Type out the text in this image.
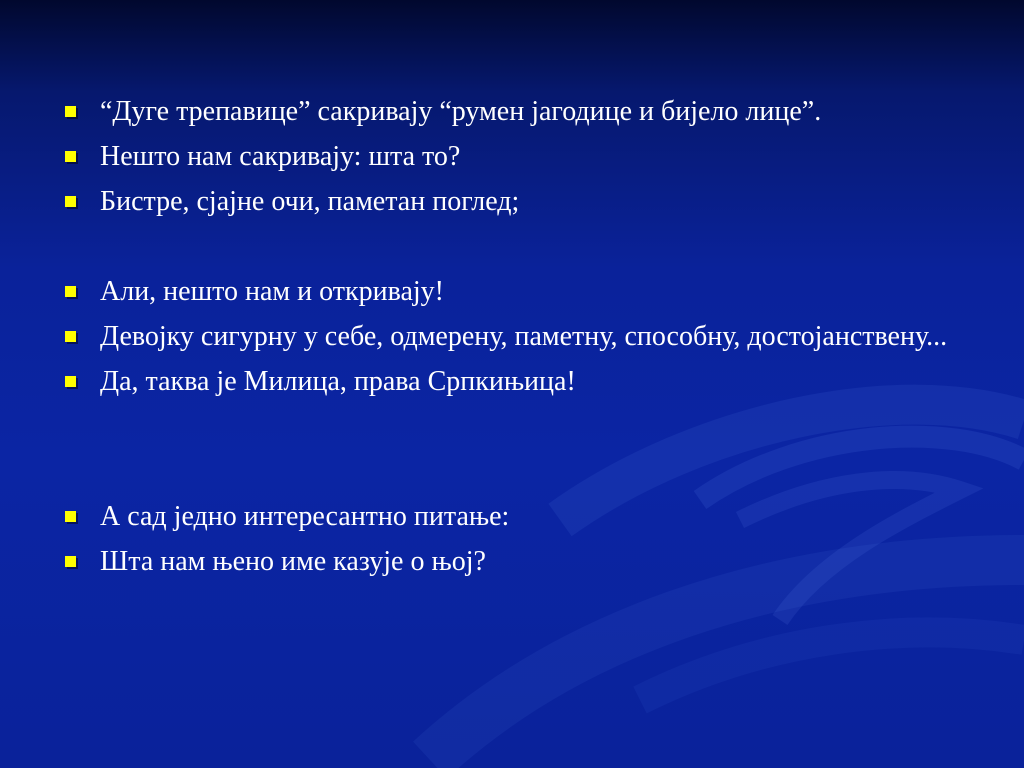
“Дуге трепавице” сакривају “румен јагодице и бијело лице”.
Нешто нам сакривају: шта то?
Бистре, сјајне очи, паметан поглед;
Али, нешто нам и откривају!
Девојку сигурну у себе, одмерену, паметну, способну, достојанствену...
Да, таква је Милица, права Српкињица!
А сад једно интересантно питање:
Шта нам њено име казује о њој?
